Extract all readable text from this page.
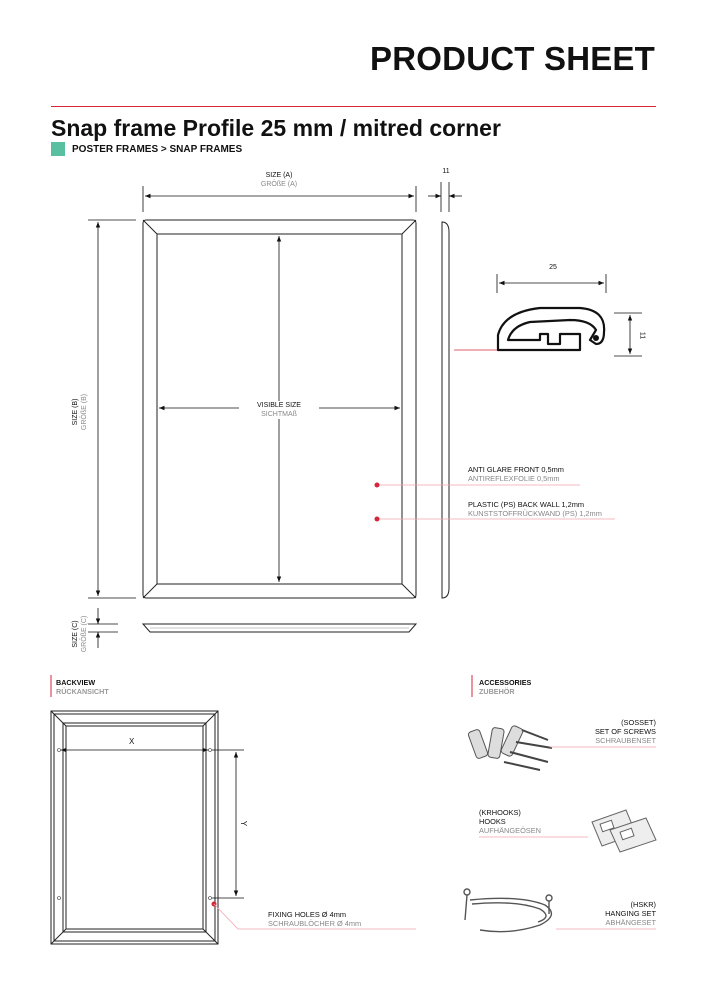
PRODUCT SHEET
Snap frame Profile 25 mm / mitred corner
POSTER FRAMES > SNAP FRAMES
SIZE (A)
GRÖßE (A)
11
SIZE (B) GRÖßE (B)
SIZE (C) GRÖßE (C)
VISIBLE SIZE
SICHTMAß
25
11
ANTI GLARE FRONT 0,5mm
ANTIREFLEXFOLIE 0,5mm
PLASTIC (PS) BACK WALL 1,2mm
KUNSTSTOFFRÜCKWAND (PS) 1,2mm
BACKVIEW
RÜCKANSICHT
X
Y
FIXING HOLES Ø 4mm
SCHRAUBLÖCHER Ø 4mm
ACCESSORIES
ZUBEHÖR
(SOSSET)
SET OF SCREWS
SCHRAUBENSET
(KRHOOKS)
HOOKS
AUFHÄNGEÖSEN
(HSKR)
HANGING SET
ABHÄNGESET
